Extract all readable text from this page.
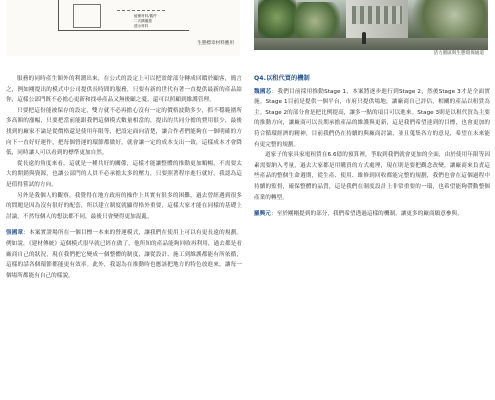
緩衝材料/舊件
二次構擬製
透水材料
生態標章材料應用
活力園區與生態環保通道

服務的同時產生額外的利潤出來，在公式的設定上可以把盈餘部分轉成回饋於顧客，簡言之，例如剛提出的模式中公司提供長時間的服務，只要有新的世代有著一直提供最新的產品給你，這樣公部門既不必擔心更新和找尋產品又無後顧之憂，還可以照顧到維護管理。

只要把這份能被保存的設定，雙方就不必再擔心沒有一定的價格波動多少，抓不穩範圍所多高額的漲幅，只要把當前能跟我們這個模式數量相當的，提出的共同分擔的費用很少，最後找到的廠家不論是從價格還是使用年限等，把設定面向清楚，讓合作者們能夠在一個明確的方向下一直好好運作，把每個營運的環節都做好，就會讓一定的成本支出一致，這樣成本才會降低，同時讓人可以看到的標準更加自然。

從長遠的角度來看，這就是一種共好的關係，這樣才能讓整體的推動更加順暢，不需要太大的開銷與資源，也讓公部門的人員不必承擔太多的壓力，只要照著程序進行就好，我認為這是值得嘗試的方向。

另外是我個人的觀察，我覺得在地方政府的操作上其實有很多的困難，過去曾經遇到很多的問題是因為沒有很好的配套，所以建立制度就顯得格外重要，這樣大家才能在同樣的基礎上討論，不然每個人的想法都不同，最後只會變得更加混亂。

張國章：本案實證場所在一個目標一本來的營運模式，讓我們在使用上可以有更長遠的規劃。例如說，《建材傳統》這個模式很早就已經在做了，他所知的產品能夠回收再利用，過去都是看廠商自己的狀況，現在我們把它變成一個整體的制度，讓從設計、施工到維護都能有所依循，這樣的話各個環節都能更有效率。此外，我認為在推動時也應該把地方的特色放進來，讓每一個場所都能有自己的樣貌。

Q4.以租代買的機制

魏國芯：我們目前採用推動Stage 1，本案將逐步進行到Stage 2，然後Stage 3才是全面實施。Stage 1目前是提供一個平台，市府只提供場地，讓廠商自己評估，相關的產品以租賃為主。Stage 2的部分會是把比例提高，讓多一點的項目可以進來。Stage 3則是以租代買為主要的推動方向，讓廠商可以長期承擔產品的維護與更新，這是我們希望達到的目標，也會更加的符合循環經濟的精神，目前我們仍在持續的與廠商討論，並且蒐集各方的意見，希望在未來能有更完整的規劃。

道家子的家具家電租賃在6.6億的預算裡，爭取到我們就會更加的全面，由於使用年限等因素需要納入考量，過去大家都是用購買的方式處理，現在則是要把觀念改變，讓廠商來負責這些產品的整個生命週期，從生產、使用、維修到回收都能完整的規劃，我們也會在這個過程中持續的監督，確保整體的品質，這是我們在制度設計上非常重要的一環，也希望能夠帶動整個產業的轉型。

羅興元：至於剛剛提到的部分，我們希望透過這樣的機制，讓更多的廠商願意參與。
